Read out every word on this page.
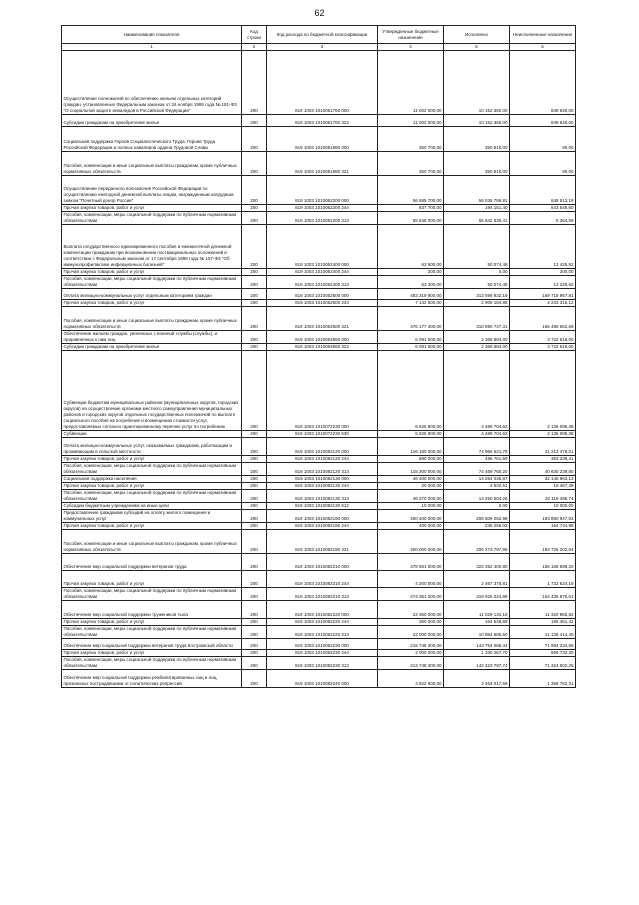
62
Наименование показателя	Код строки	Код расхода по бюджетной классификации	Утвержденные бюджетные назначения	Исполнено	Неисполненные назначения
1	2	3	4	5	6
Осуществление полномочий по обеспечению жильем отдельных категорий граждан, установленных Федеральным законом от 24 ноября 1995 года № 181-ФЗ "О социальной защите инвалидов в Российской Федерации"	200	819 1003 1010051760 000	11 002 000,00	10 152 360,00	849 640,00
Субсидии гражданам на приобретение жилья	200	819 1003 1010051760 322	11 002 000,00	10 152 360,00	849 640,00
Социальная поддержка Героев Социалистического Труда, Героев Труда Российской Федерации и полных кавалеров ордена Трудовой Славы	200	819 1003 1010051980 000	350 700,00	350 610,00	90,00
Пособия, компенсации и иные социальные выплаты гражданам, кроме публичных нормативных обязательств	200	819 1003 1010051980 321	350 700,00	350 610,00	90,00
Осуществление переданного полномочия Российской Федерации по осуществлению ежегодной денежной выплаты лицам, награжденным нагрудным знаком "Почетный донор России"	200	819 1003 1010052200 000	56 685 700,00	56 036 786,81	648 913,19
Прочая закупка товаров, работ и услуг	200	819 1003 1010052200 244	837 700,00	194 151,40	643 548,60
Пособия, компенсации, меры социальной поддержки по публичным нормативным обязательствам	200	819 1003 1010052200 313	55 848 000,00	55 842 635,41	5 364,59
Выплата государственного единовременного пособия и ежемесячной денежной компенсации гражданам при возникновении поствакцинальных осложнений в соответствии с Федеральным законом от 17 сентября 1998 года № 157-ФЗ "Об иммунопрофилактике инфекционных болезней"	200	819 1003 1010052400 000	63 500,00	50 074,48	13 425,52
Прочая закупка товаров, работ и услуг	200	819 1003 1010052400 244	200,00	0,00	200,00
Пособия, компенсации, меры социальной поддержки по публичным нормативным обязательствам	200	819 1003 1010052400 313	63 300,00	50 074,48	13 225,52
Оплата жилищно-коммунальных услуг отдельным категориям граждан	200	819 1003 1010052500 000	483 319 900,00	313 599 932,19	169 719 967,81
Прочая закупка товаров, работ и услуг	200	819 1003 1010052500 244	7 142 500,00	2 909 184,88	4 233 315,12
Пособия, компенсации и иные социальные выплаты гражданам, кроме публичных нормативных обязательств	200	819 1003 1010052500 321	476 177 400,00	310 690 747,31	165 486 652,69
Обеспечение жильем граждан, уволенных с военной службы (службы), и приравненных к ним лиц	200	819 1003 1010054850 000	6 091 500,00	2 368 884,00	3 722 616,00
Субсидии гражданам на приобретение жилья	200	819 1003 1010054850 322	6 091 500,00	2 368 884,00	3 722 616,00
Субвенции бюджетам муниципальных районов (муниципальных округов, городских округов) на осуществление органами местного самоуправления муниципальных районов и городских округов отдельных государственных полномочий по выплате социального пособия на погребение и возмещению стоимости услуг, предоставляемых согласно гарантированному перечню услуг по погребению	200	819 1003 1010072230 000	6 625 800,00	4 489 704,62	2 136 095,38
Субвенции	200	819 1003 1010072230 530	6 625 800,00	4 489 704,62	2 136 095,38
Оплата жилищно-коммунальных услуг, оказываемых гражданам, работающим и проживающим в сельской местности	200	819 1003 1010082120 000	116 180 000,00	74 966 521,79	41 213 478,21
Прочая закупка товаров, работ и услуг	200	819 1003 1010082120 244	880 000,00	496 761,59	383 238,41
Пособия, компенсации, меры социальной поддержки по публичным нормативным обязательствам	200	819 1003 1010082120 313	115 300 000,00	74 469 760,20	40 830 239,80
Социальная поддержка населения	200	819 1003 1010082130 000	46 400 000,00	14 254 036,87	32 145 963,13
Прочая закупка товаров, работ и услуг	200	819 1003 1010082130 244	20 000,00	3 532,61	16 467,39
Пособия, компенсации, меры социальной поддержки по публичным нормативным обязательствам	200	819 1003 1010082130 313	46 370 000,00	14 250 504,26	32 119 495,74
Субсидии бюджетным учреждениям на иные цели	200	819 1003 1010082130 612	10 000,00	0,00	10 000,00
Предоставление гражданам субсидий на оплату жилого помещения и коммунальных услуг	200	819 1003 1010082190 000	400 400 000,00	206 509 052,98	193 890 947,02
Прочая закупка товаров, работ и услуг	200	819 1003 1010082190 244	400 000,00	235 255,02	164 744,98
Пособия, компенсации и иные социальные выплаты гражданам, кроме публичных нормативных обязательств	200	819 1003 1010082190 321	400 000 000,00	206 273 797,96	193 726 202,04
Обеспечение мер социальной поддержки ветеранов труда	200	819 1003 1010082210 000	478 561 000,00	322 392 400,80	156 168 599,20
Прочая закупка товаров, работ и услуг	200	819 1003 1010082210 244	4 200 000,00	2 467 375,81	1 732 624,19
Пособия, компенсации, меры социальной поддержки по публичным нормативным обязательствам	200	819 1003 1010082210 313	474 361 000,00	319 925 024,99	154 435 975,01
Обеспечение мер социальной поддержки тружеников тыла	200	819 1003 1010082220 000	22 350 000,00	11 029 134,18	11 320 865,82
Прочая закупка товаров, работ и услуг	200	819 1003 1010082220 244	350 000,00	164 548,58	185 451,42
Пособия, компенсации, меры социальной поддержки по публичным нормативным обязательствам	200	819 1003 1010082220 313	22 000 000,00	10 864 585,60	11 135 414,40
Обеспечение мер социальной поддержки ветеранов труда Костромской области	200	819 1003 1010082230 000	215 748 300,00	143 754 065,44	71 994 234,56
Прочая закупка товаров, работ и услуг	200	819 1003 1010082230 244	2 000 000,00	1 330 267,70	669 732,30
Пособия, компенсации, меры социальной поддержки по публичным нормативным обязательствам	200	819 1003 1010082230 313	213 748 300,00	142 423 797,74	71 324 502,26
Обеспечение мер социальной поддержки реабилитированных лиц и лиц, признанных пострадавшими от политических репрессий	200	819 1003 1010082240 000	3 822 800,00	2 464 017,69	1 358 782,31
